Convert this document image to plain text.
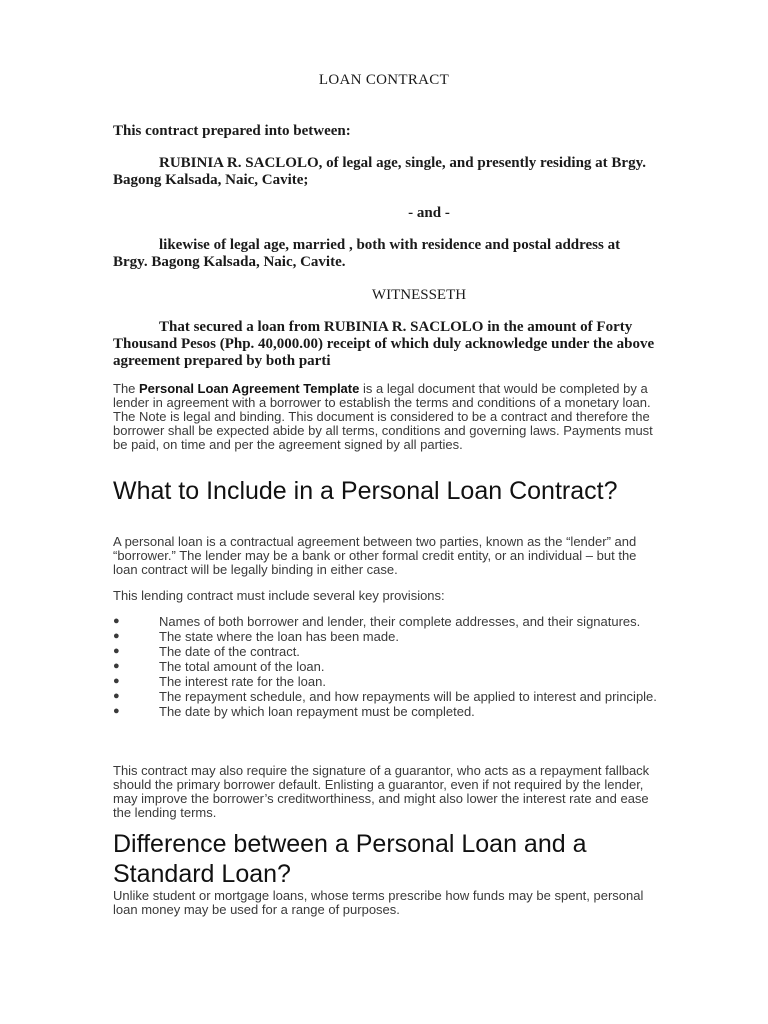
LOAN CONTRACT
This contract prepared into between:
RUBINIA R. SACLOLO, of legal age, single, and presently residing at Brgy. Bagong Kalsada, Naic, Cavite;
- and -
likewise of legal age, married , both with residence and postal address at Brgy. Bagong Kalsada, Naic, Cavite.
WITNESSETH
That secured a loan from RUBINIA R. SACLOLO in the amount of Forty Thousand Pesos (Php. 40,000.00) receipt of which duly acknowledge under the above agreement prepared by both parti
The Personal Loan Agreement Template is a legal document that would be completed by a lender in agreement with a borrower to establish the terms and conditions of a monetary loan. The Note is legal and binding. This document is considered to be a contract and therefore the borrower shall be expected abide by all terms, conditions and governing laws. Payments must be paid, on time and per the agreement signed by all parties.
What to Include in a Personal Loan Contract?
A personal loan is a contractual agreement between two parties, known as the “lender” and “borrower.” The lender may be a bank or other formal credit entity, or an individual – but the loan contract will be legally binding in either case.
This lending contract must include several key provisions:
●	Names of both borrower and lender, their complete addresses, and their signatures.
●	The state where the loan has been made.
●	The date of the contract.
●	The total amount of the loan.
●	The interest rate for the loan.
●	The repayment schedule, and how repayments will be applied to interest and principle.
●	The date by which loan repayment must be completed.
This contract may also require the signature of a guarantor, who acts as a repayment fallback should the primary borrower default. Enlisting a guarantor, even if not required by the lender, may improve the borrower’s creditworthiness, and might also lower the interest rate and ease the lending terms.
Difference between a Personal Loan and a Standard Loan?
Unlike student or mortgage loans, whose terms prescribe how funds may be spent, personal loan money may be used for a range of purposes.
